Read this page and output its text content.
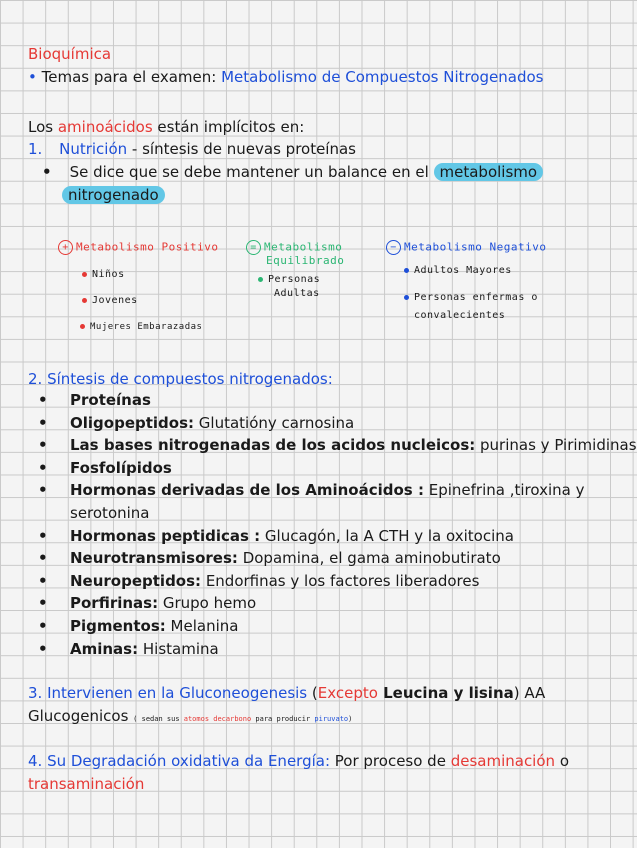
Bioquímica
• Temas para el examen: Metabolismo de Compuestos Nitrogenados
Los aminoácidos están implícitos en:
1. Nutrición - síntesis de nuevas proteínas
• Se dice que se debe mantener un balance en el metabolismo
nitrogenado
+ Metabolismo Positivo
Niños
Jovenes
Mujeres Embarazadas
= Metabolismo
Equilibrado
Personas
Adultas
− Metabolismo Negativo
Adultos Mayores
Personas enfermas o
convalecientes
2. Síntesis de compuestos nitrogenados:
• Proteínas
• Oligopeptidos: Glutatióny carnosina
• Las bases nitrogenadas de los acidos nucleicos: purinas y Pirimidinas
• Fosfolípidos
• Hormonas derivadas de los Aminoácidos : Epinefrina ,tiroxina y
serotonina
• Hormonas peptidicas : Glucagón, la A CTH y la oxitocina
• Neurotransmisores: Dopamina, el gama aminobutirato
• Neuropeptidos: Endorfinas y los factores liberadores
• Porfirinas: Grupo hemo
• Pigmentos: Melanina
• Aminas: Histamina
3. Intervienen en la Gluconeogenesis (Excepto Leucina y lisina) AA
Glucogenicos ( sedan sus atomos decarbono para producir piruvato)
4. Su Degradación oxidativa da Energía: Por proceso de desaminación o
transaminación
